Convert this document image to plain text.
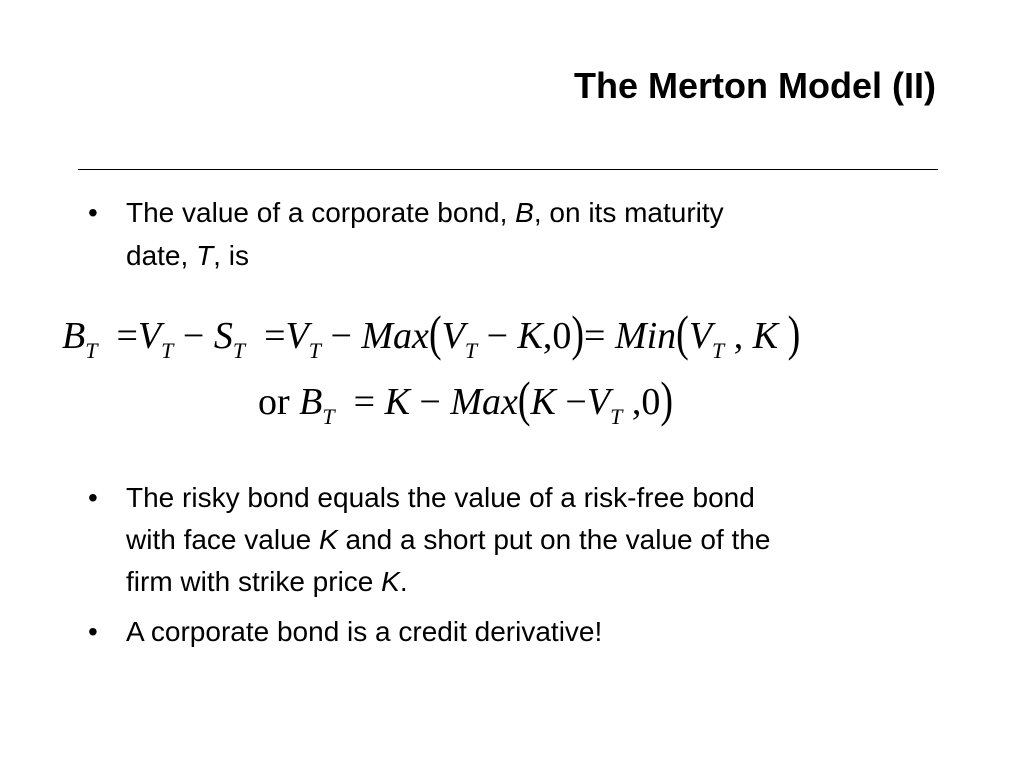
The Merton Model (II)
• The value of a corporate bond, B, on its maturity
date, T, is
$B_T =V_T - S_T =V_T - Max(V_T - K,0)= Min(V_T$ , K )
or $B_T = K - Max(K -V_T$ ,0)
• The risky bond equals the value of a risk-free bond
with face value K and a short put on the value of the
firm with strike price K.
• A corporate bond is a credit derivative!
